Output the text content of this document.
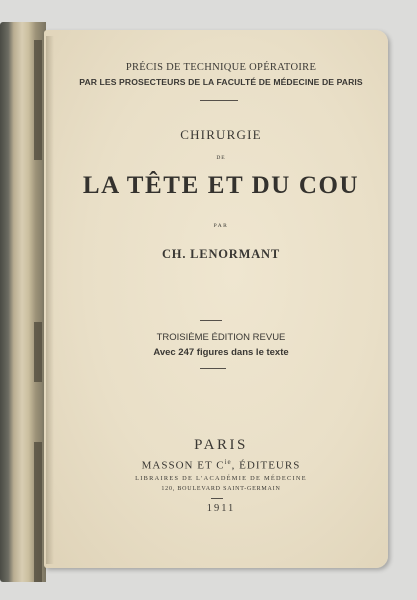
PRÉCIS DE TECHNIQUE OPÉRATOIRE
PAR LES PROSECTEURS DE LA FACULTÉ DE MÉDECINE DE PARIS
CHIRURGIE
DE
LA TÊTE ET DU COU
PAR
CH. LENORMANT
TROISIÈME ÉDITION REVUE
Avec 247 figures dans le texte
PARIS
MASSON ET $C^{ie}$, ÉDITEURS
LIBRAIRES DE L'ACADÉMIE DE MÉDECINE
120, BOULEVARD SAINT-GERMAIN
1911
